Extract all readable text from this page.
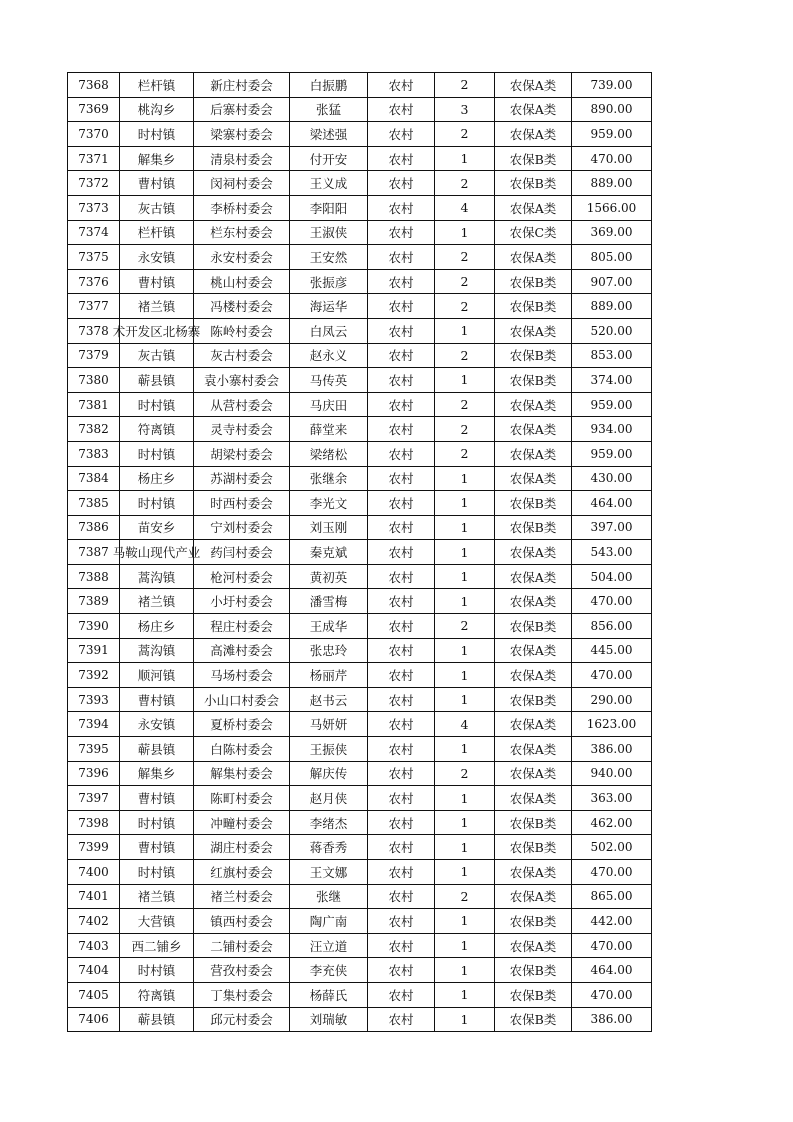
7368	栏杆镇	新庄村委会	白振鹏	农村	2	农保A类	739.00
7369	桃沟乡	后寨村委会	张猛	农村	3	农保A类	890.00
7370	时村镇	梁寨村委会	梁述强	农村	2	农保A类	959.00
7371	解集乡	清泉村委会	付开安	农村	1	农保B类	470.00
7372	曹村镇	闵祠村委会	王义成	农村	2	农保B类	889.00
7373	灰古镇	李桥村委会	李阳阳	农村	4	农保A类	1566.00
7374	栏杆镇	栏东村委会	王淑侠	农村	1	农保C类	369.00
7375	永安镇	永安村委会	王安然	农村	2	农保A类	805.00
7376	曹村镇	桃山村委会	张振彦	农村	2	农保B类	907.00
7377	褚兰镇	冯楼村委会	海运华	农村	2	农保B类	889.00
7378	术开发区北杨寨	陈岭村委会	白凤云	农村	1	农保A类	520.00
7379	灰古镇	灰古村委会	赵永义	农村	2	农保B类	853.00
7380	蕲县镇	袁小寨村委会	马传英	农村	1	农保B类	374.00
7381	时村镇	从营村委会	马庆田	农村	2	农保A类	959.00
7382	符离镇	灵寺村委会	薛堂来	农村	2	农保A类	934.00
7383	时村镇	胡梁村委会	梁绪松	农村	2	农保A类	959.00
7384	杨庄乡	苏湖村委会	张继余	农村	1	农保A类	430.00
7385	时村镇	时西村委会	李光文	农村	1	农保B类	464.00
7386	苗安乡	宁刘村委会	刘玉刚	农村	1	农保B类	397.00
7387	马鞍山现代产业	药闫村委会	秦克斌	农村	1	农保A类	543.00
7388	蒿沟镇	枪河村委会	黄初英	农村	1	农保A类	504.00
7389	褚兰镇	小圩村委会	潘雪梅	农村	1	农保A类	470.00
7390	杨庄乡	程庄村委会	王成华	农村	2	农保B类	856.00
7391	蒿沟镇	高滩村委会	张忠玲	农村	1	农保A类	445.00
7392	顺河镇	马场村委会	杨丽芹	农村	1	农保A类	470.00
7393	曹村镇	小山口村委会	赵书云	农村	1	农保B类	290.00
7394	永安镇	夏桥村委会	马妍妍	农村	4	农保A类	1623.00
7395	蕲县镇	白陈村委会	王振侠	农村	1	农保A类	386.00
7396	解集乡	解集村委会	解庆传	农村	2	农保A类	940.00
7397	曹村镇	陈町村委会	赵月侠	农村	1	农保A类	363.00
7398	时村镇	冲疃村委会	李绪杰	农村	1	农保B类	462.00
7399	曹村镇	湖庄村委会	蒋香秀	农村	1	农保B类	502.00
7400	时村镇	红旗村委会	王文娜	农村	1	农保A类	470.00
7401	褚兰镇	褚兰村委会	张继	农村	2	农保A类	865.00
7402	大营镇	镇西村委会	陶广南	农村	1	农保B类	442.00
7403	西二铺乡	二铺村委会	汪立道	农村	1	农保A类	470.00
7404	时村镇	营孜村委会	李充侠	农村	1	农保B类	464.00
7405	符离镇	丁集村委会	杨薛氏	农村	1	农保B类	470.00
7406	蕲县镇	邱元村委会	刘瑞敏	农村	1	农保B类	386.00
